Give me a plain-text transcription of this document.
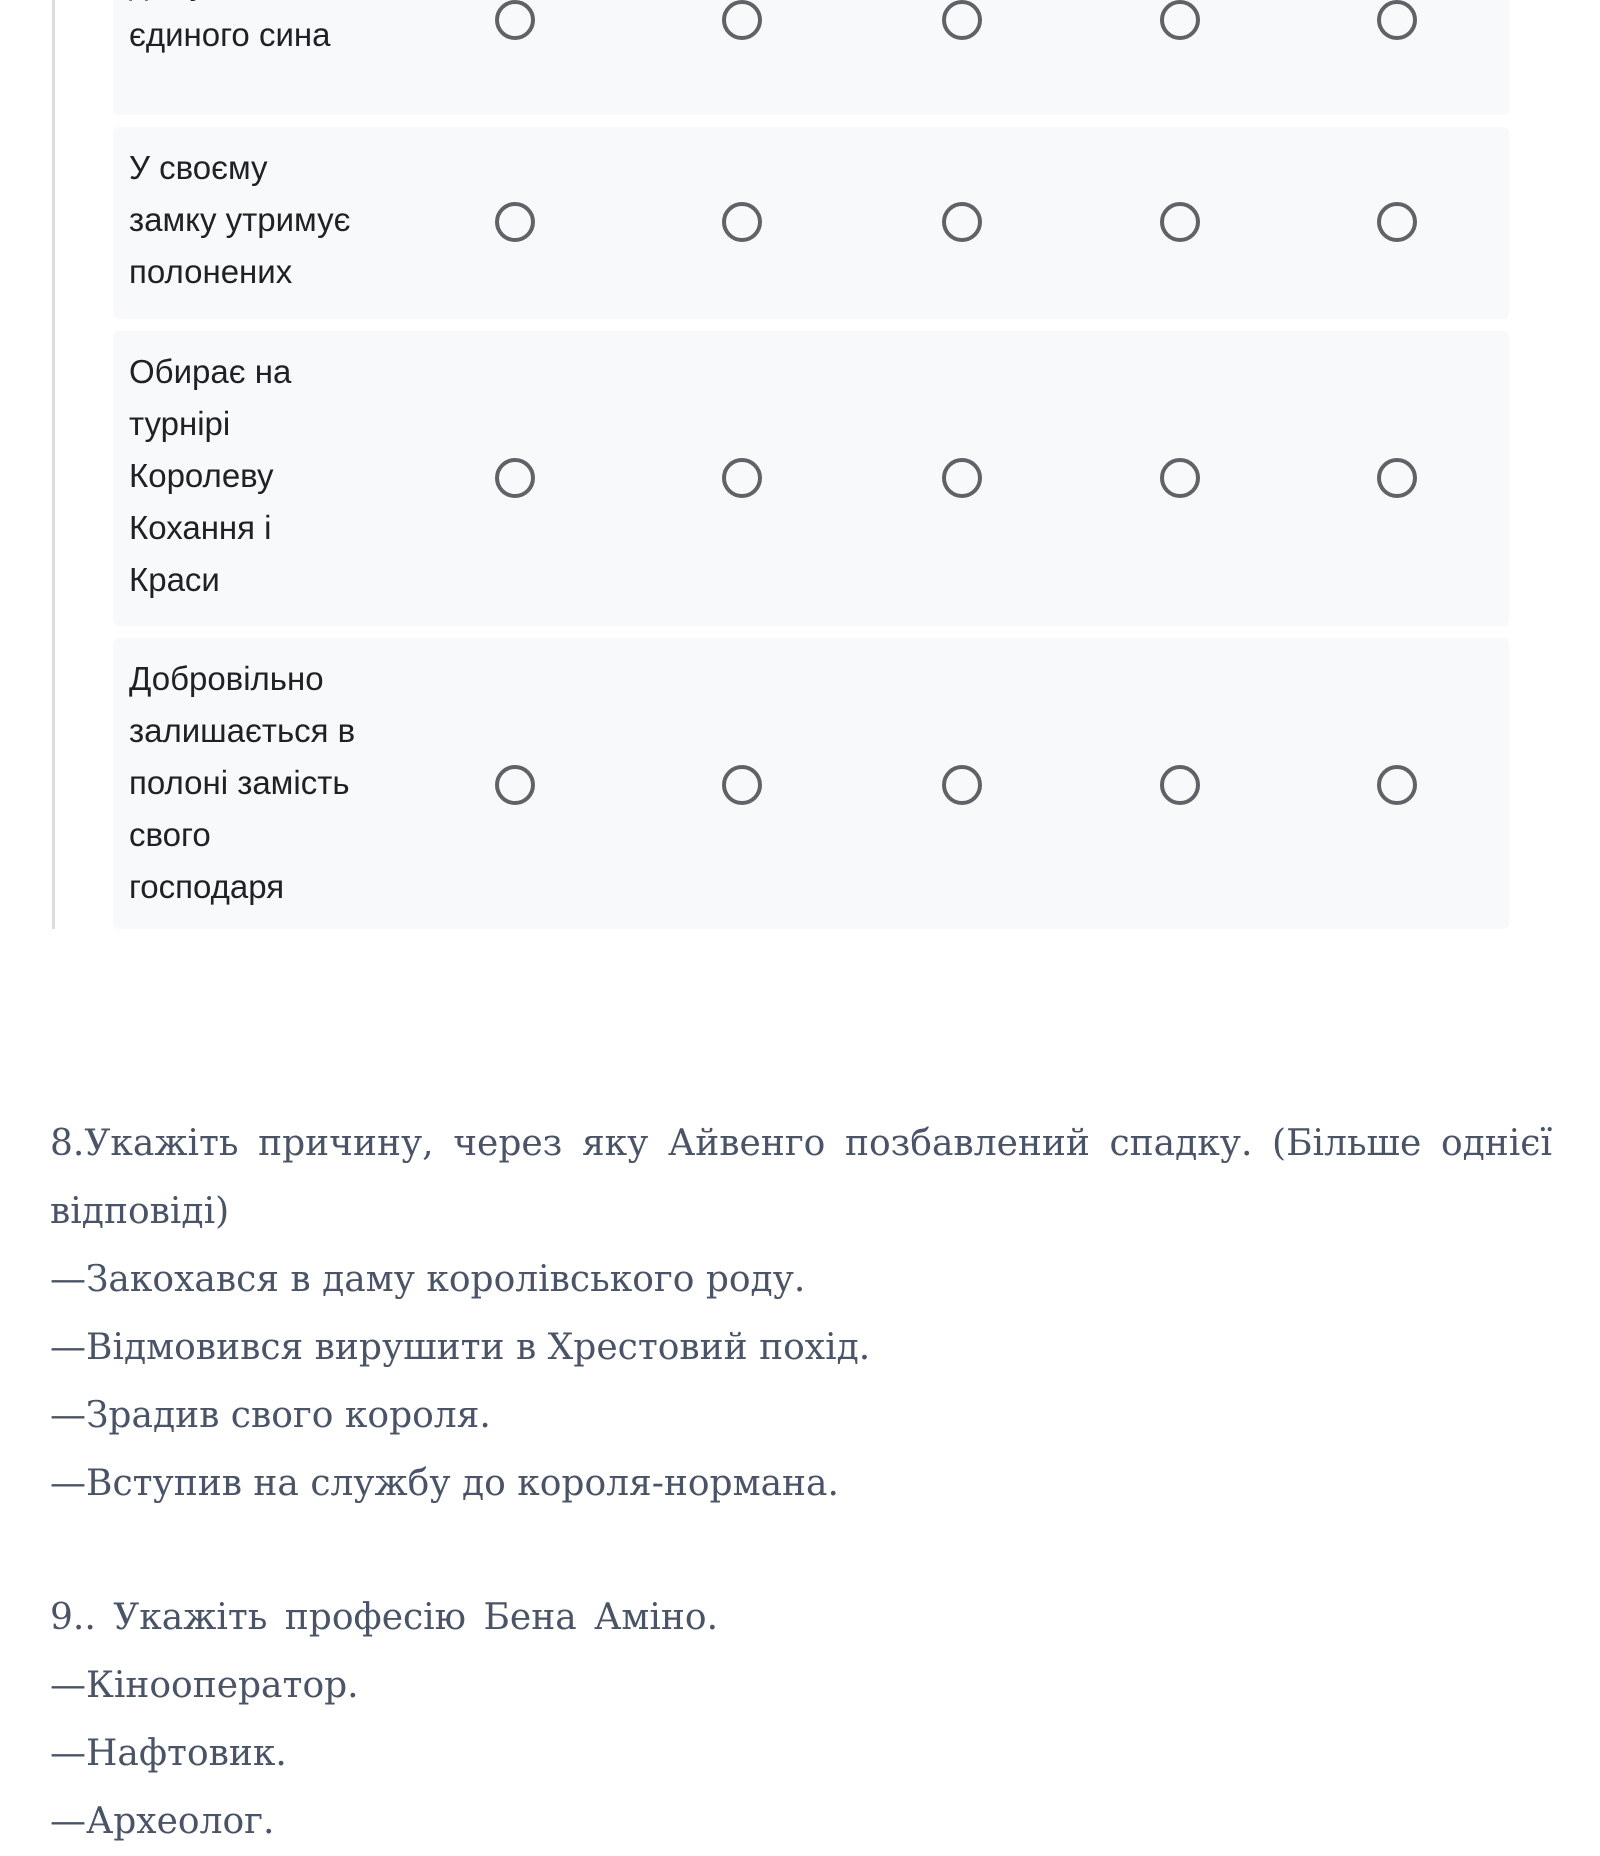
єдиного сина
У своєму
замку утримує
полонених
Обирає на
турнірі
Королеву
Кохання і
Краси
Добровільно
залишається в
полоні замість
свого
господаря

8.Укажіть причину, через яку Айвенго позбавлений спадку. (Більше однієї відповіді)

—Закохався в даму королівського роду.

—Відмовився вирушити в Хрестовий похід.

—Зрадив свого короля.

—Вступив на службу до короля-нормана.

9.. Укажіть професію Бена Аміно.

—Кінооператор.

—Нафтовик.

—Археолог.
